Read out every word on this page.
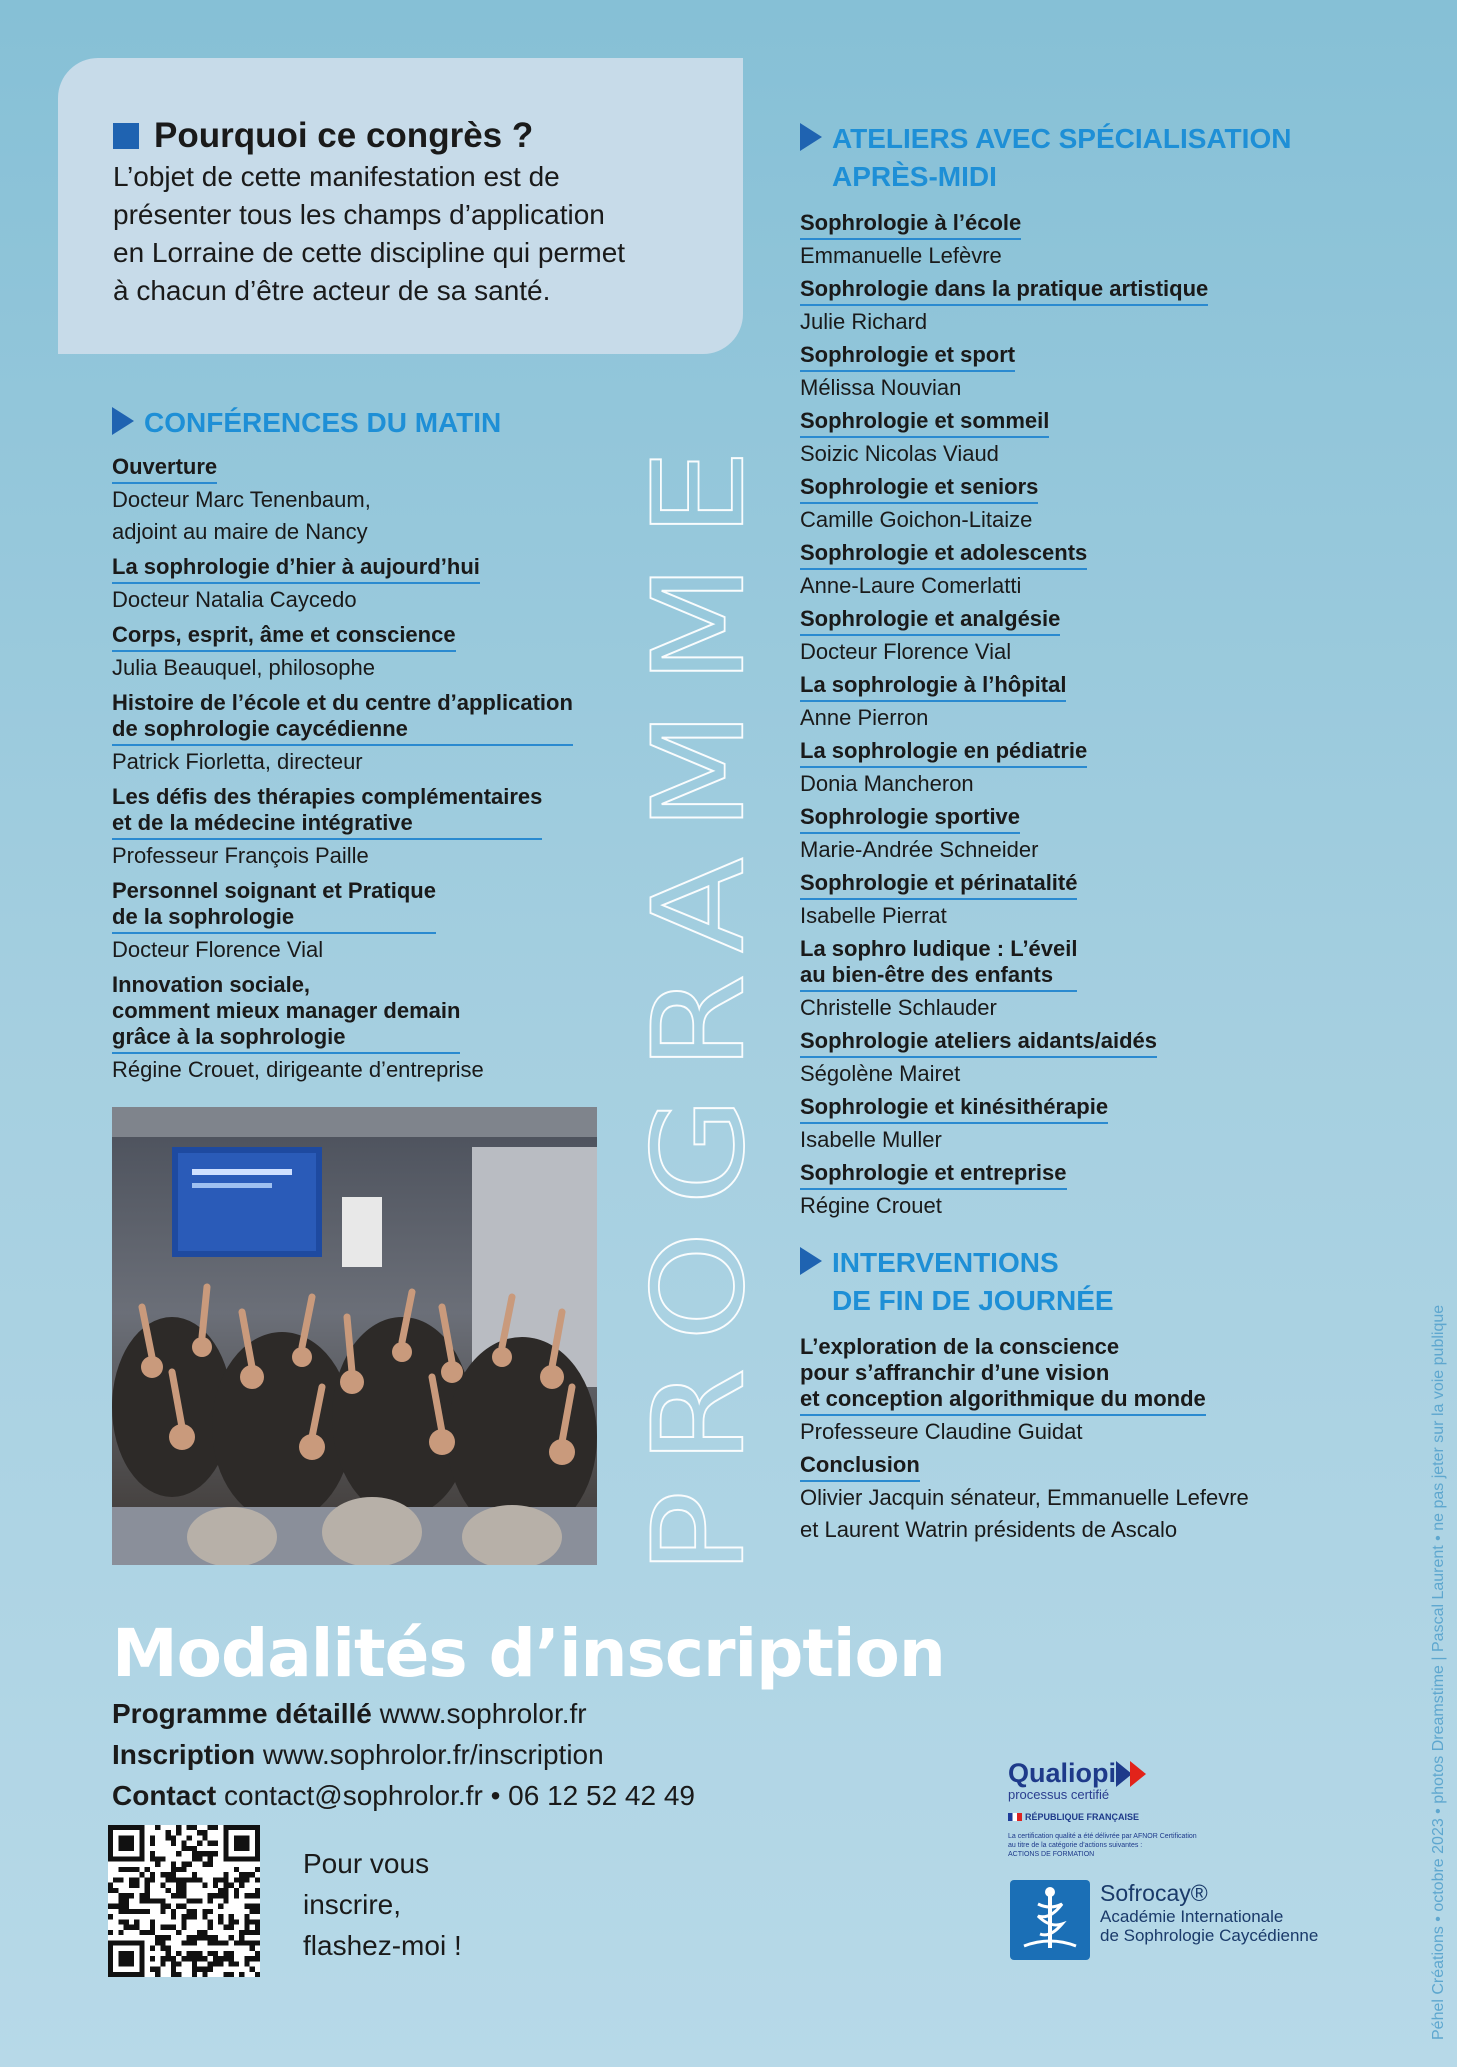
Pourquoi ce congrès ?

L’objet de cette manifestation est de
présenter tous les champs d’application
en Lorraine de cette discipline qui permet
à chacun d’être acteur de sa santé.

CONFÉRENCES DU MATIN
Ouverture
Docteur Marc Tenenbaum,
adjoint au maire de Nancy
La sophrologie d’hier à aujourd’hui
Docteur Natalia Caycedo
Corps, esprit, âme et conscience
Julia Beauquel, philosophe
Histoire de l’école et du centre d’application
de sophrologie caycédienne
Patrick Fiorletta, directeur
Les défis des thérapies complémentaires
et de la médecine intégrative
Professeur François Paille
Personnel soignant et Pratique
de la sophrologie
Docteur Florence Vial
Innovation sociale,
comment mieux manager demain
grâce à la sophrologie
Régine Crouet, dirigeante d’entreprise	PROGRAMME
ATELIERS AVEC SPÉCIALISATION
APRÈS-MIDI
Sophrologie à l’école
Emmanuelle Lefèvre
Sophrologie dans la pratique artistique
Julie Richard
Sophrologie et sport
Mélissa Nouvian
Sophrologie et sommeil
Soizic Nicolas Viaud
Sophrologie et seniors
Camille Goichon-Litaize
Sophrologie et adolescents
Anne-Laure Comerlatti
Sophrologie et analgésie
Docteur Florence Vial
La sophrologie à l’hôpital
Anne Pierron
La sophrologie en pédiatrie
Donia Mancheron
Sophrologie sportive
Marie-Andrée Schneider
Sophrologie et périnatalité
Isabelle Pierrat
La sophro ludique : L’éveil
au bien-être des enfants
Christelle Schlauder
Sophrologie ateliers aidants/aidés
Ségolène Mairet
Sophrologie et kinésithérapie
Isabelle Muller
Sophrologie et entreprise
Régine Crouet
INTERVENTIONS
DE FIN DE JOURNÉE
L’exploration de la conscience
pour s’affranchir d’une vision
et conception algorithmique du monde
Professeure Claudine Guidat
Conclusion
Olivier Jacquin sénateur, Emmanuelle Lefevre
et Laurent Watrin présidents de Ascalo
Modalités d’inscription
Programme détaillé www.sophrolor.fr
Inscription www.sophrolor.fr/inscription
Contact contact@sophrolor.fr • 06 12 52 42 49
Pour vous
inscrire,
flashez-moi !
Qualiopi
processus certifié
RÉPUBLIQUE FRANÇAISE
La certification qualité a été délivrée par AFNOR Certification
au titre de la catégorie d’actions suivantes :
ACTIONS DE FORMATION
Sofrocay®
Académie Internationale
de Sophrologie Caycédienne	Péhel Créations • octobre 2023 • photos Dreamstime | Pascal Laurent • ne pas jeter sur la voie publique
